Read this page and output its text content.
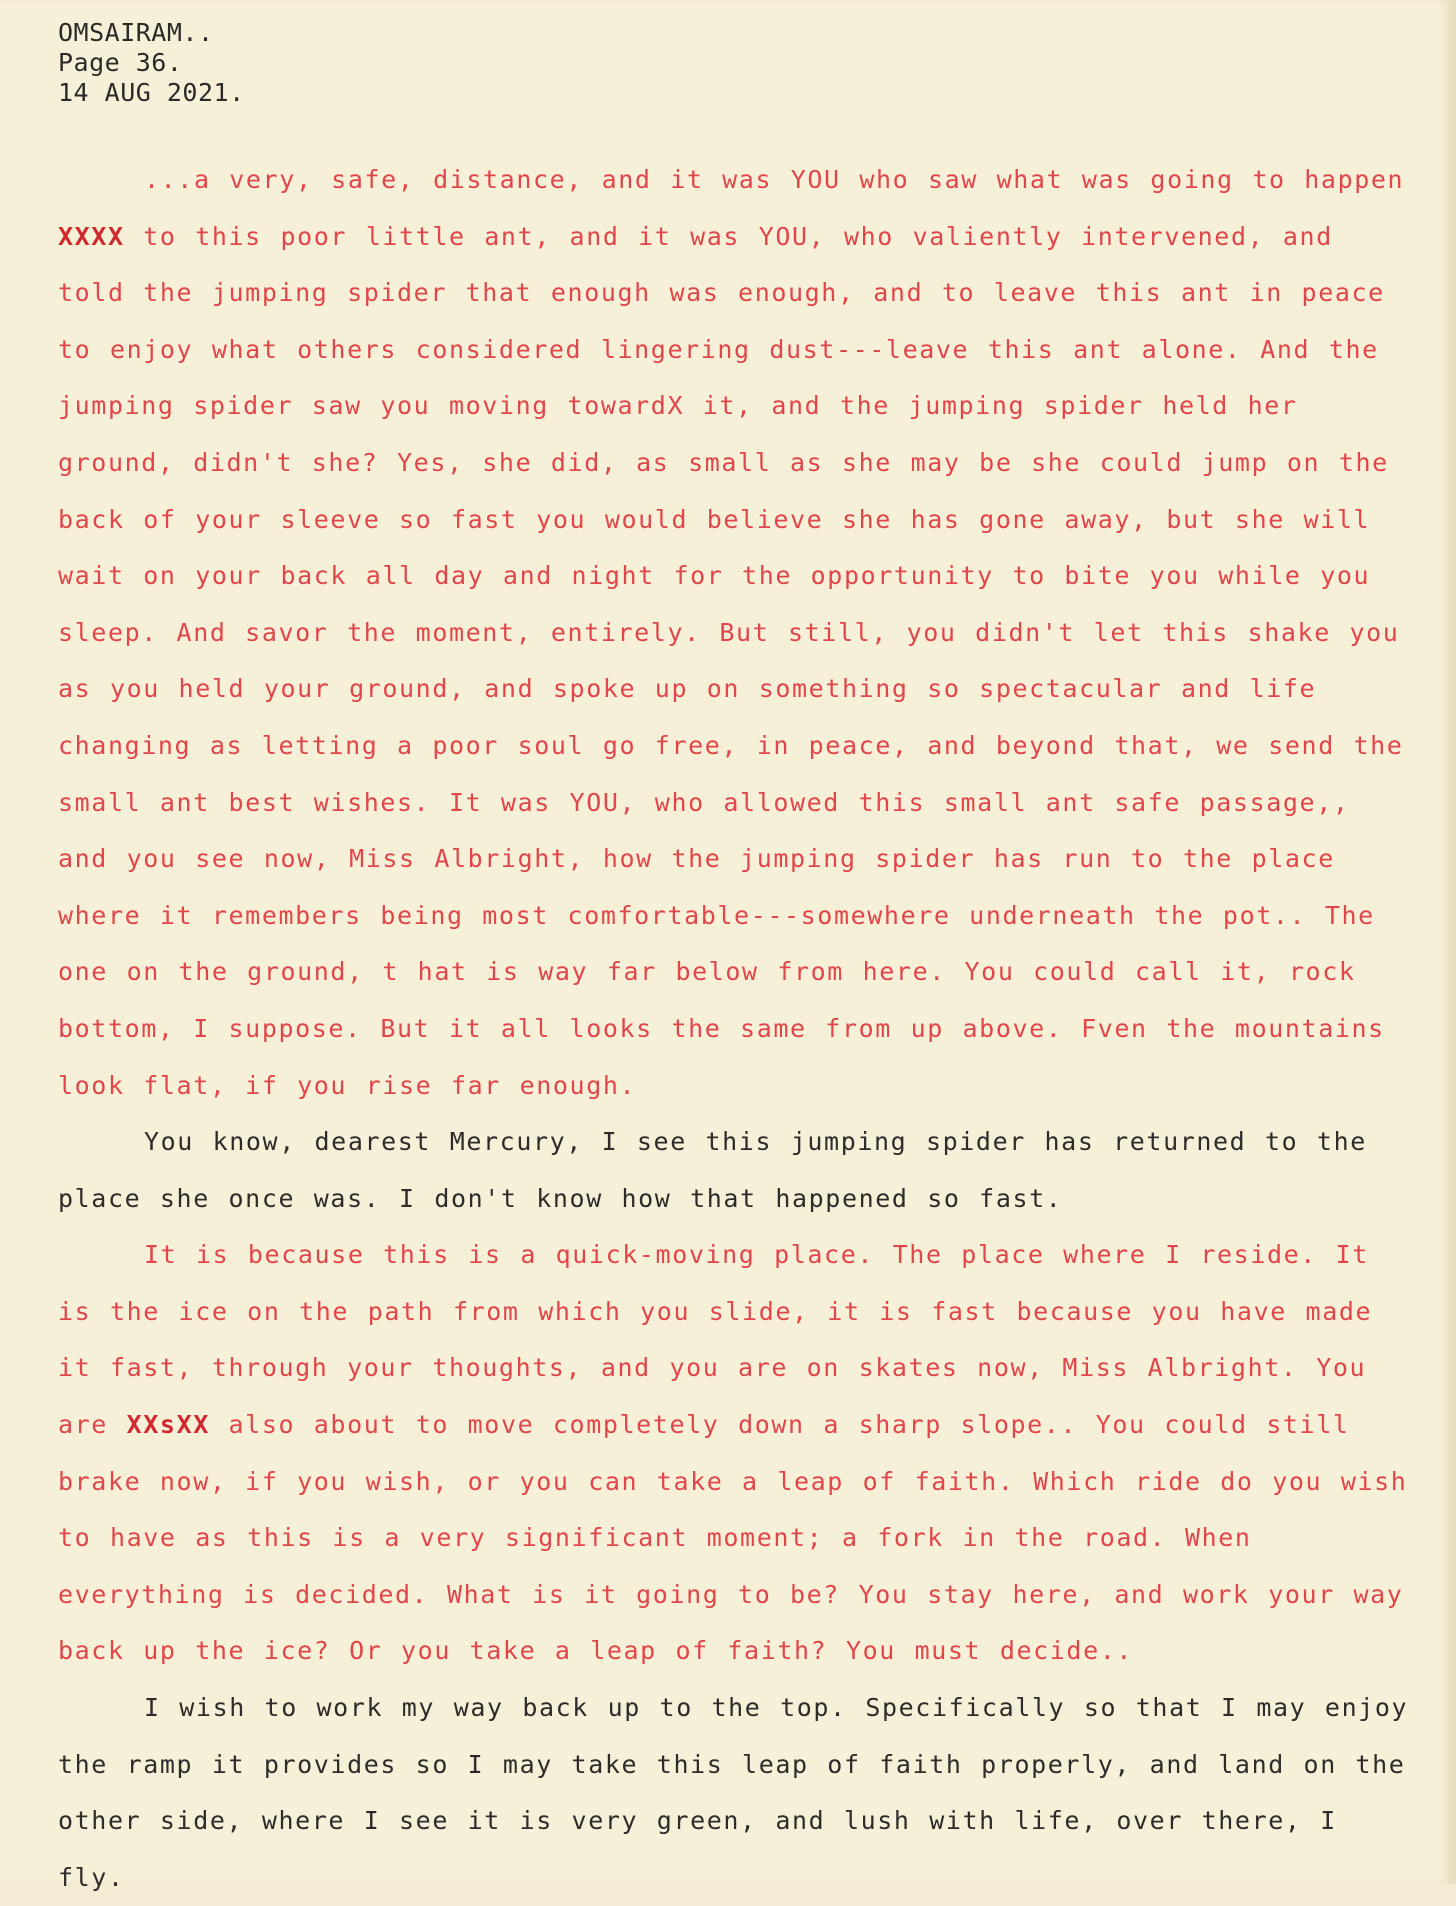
OMSAIRAM..
Page 36.
14 AUG 2021.

...a very, safe, distance, and it was YOU who saw what was going to happen XXXX to this poor little ant, and it was YOU, who valiently intervened, and told the jumping spider that enough was enough, and to leave this ant in peace to enjoy what others considered lingering dust---leave this ant alone. And the jumping spider saw you moving towardX it, and the jumping spider held her ground, didn't she? Yes, she did, as small as she may be she could jump on the back of your sleeve so fast you would believe she has gone away, but she will wait on your back all day and night for the opportunity to bite you while you sleep. And savor the moment, entirely. But still, you didn't let this shake you as you held your ground, and spoke up on something so spectacular and life changing as letting a poor soul go free, in peace, and beyond that, we send the small ant best wishes. It was YOU, who allowed this small ant safe passage,, and you see now, Miss Albright, how the jumping spider has run to the place where it remembers being most comfortable---somewhere underneath the pot.. The one on the ground, t hat is way far below from here. You could call it, rock bottom, I suppose. But it all looks the same from up above. Fven the mountains look flat, if you rise far enough.

You know, dearest Mercury, I see this jumping spider has returned to the place she once was. I don't know how that happened so fast.

It is because this is a quick-moving place. The place where I reside. It is the ice on the path from which you slide, it is fast because you have made it fast, through your thoughts, and you are on skates now, Miss Albright. You are XXsXX also about to move completely down a sharp slope.. You could still brake now, if you wish, or you can take a leap of faith. Which ride do you wish to have as this is a very significant moment; a fork in the road. When everything is decided. What is it going to be? You stay here, and work your way back up the ice? Or you take a leap of faith? You must decide..

I wish to work my way back up to the top. Specifically so that I may enjoy the ramp it provides so I may take this leap of faith properly, and land on the other side, where I see it is very green, and lush with life, over there, I fly.
